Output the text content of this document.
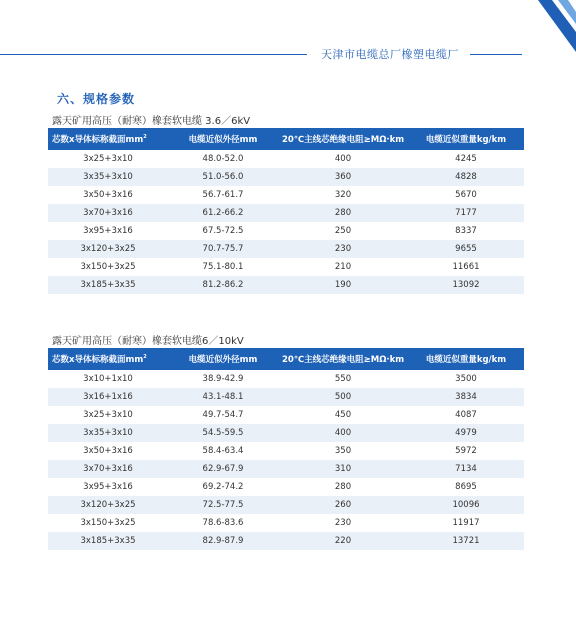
天津市电缆总厂橡塑电缆厂
六、规格参数
露天矿用高压（耐寒）橡套软电缆 3.6／6kV
芯数x导体标称截面$mm^2$	电缆近似外径mm	20℃主线芯绝缘电阻≥MΩ·km	电缆近似重量kg/km
3x25+3x10	48.0-52.0	400	4245
3x35+3x10	51.0-56.0	360	4828
3x50+3x16	56.7-61.7	320	5670
3x70+3x16	61.2-66.2	280	7177
3x95+3x16	67.5-72.5	250	8337
3x120+3x25	70.7-75.7	230	9655
3x150+3x25	75.1-80.1	210	11661
3x185+3x35	81.2-86.2	190	13092
露天矿用高压（耐寒）橡套软电缆6／10kV
芯数x导体标称截面$mm^2$	电缆近似外径mm	20℃主线芯绝缘电阻≥MΩ·km	电缆近似重量kg/km
3x10+1x10	38.9-42.9	550	3500
3x16+1x16	43.1-48.1	500	3834
3x25+3x10	49.7-54.7	450	4087
3x35+3x10	54.5-59.5	400	4979
3x50+3x16	58.4-63.4	350	5972
3x70+3x16	62.9-67.9	310	7134
3x95+3x16	69.2-74.2	280	8695
3x120+3x25	72.5-77.5	260	10096
3x150+3x25	78.6-83.6	230	11917
3x185+3x35	82.9-87.9	220	13721
